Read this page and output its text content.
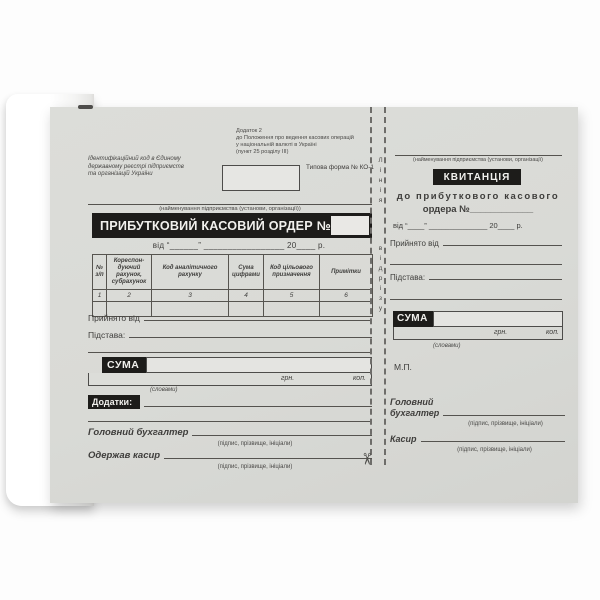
Додаток 2
до Положення про ведення касових операцій
у національній валюті в Україні
(пункт 25 розділу ІІІ)
Типова форма № КО-1
Ідентифікаційний код в Єдиному
державному реєстрі підприємств
та організацій України
(найменування підприємства (установи, організації))
ПРИБУТКОВИЙ КАСОВИЙ ОРДЕР №
від “______” _________________ 20____ р.
№ з/п	Кореспон-дуючий рахунок, субрахунок	Код аналітичного рахунку	Сума цифрами	Код цільового призначення	Примітки
1	2	3	4	5	6

Прийнято від
Підстава:
СУМА
грн.	коп.
(словами)
Додатки:
Головний бухгалтер
(підпис, прізвище, ініціали)
Одержав касир
(підпис, прізвище, ініціали)
Лінія
відрізу
✂
(найменування підприємства (установи, організації)
КВИТАНЦІЯ
до прибуткового касового
ордера №____________
від “____” ______________ 20____ р.
Прийнято від
Підстава:
СУМА
грн.	коп.
(словами)
М.П.
Головний
бухгалтер
(підпис, прізвище, ініціали)
Касир
(підпис, прізвище, ініціали)
